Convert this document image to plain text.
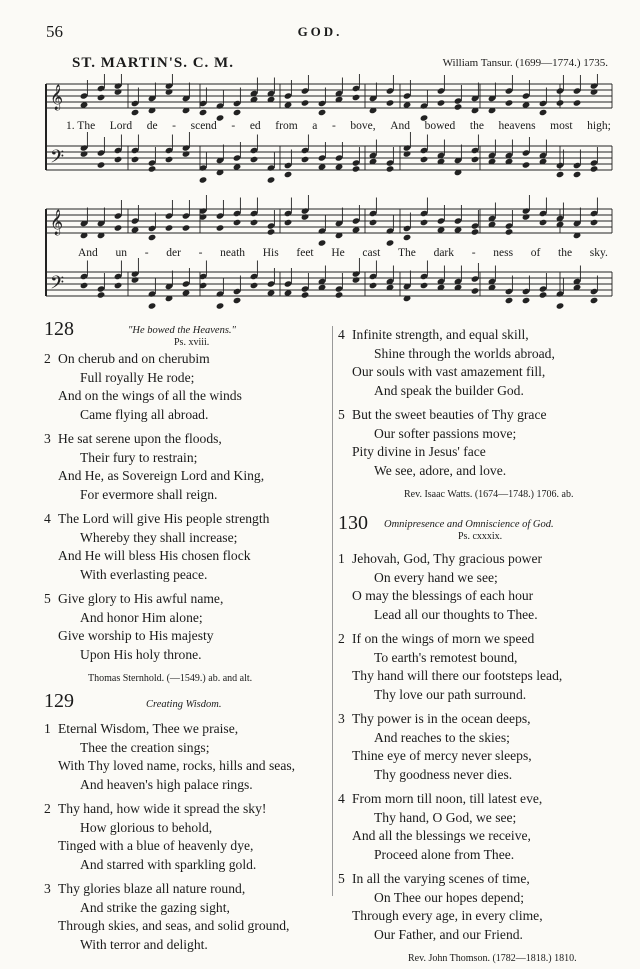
56	GOD.
ST. MARTIN'S. C. M.	William Tansur. (1699—1774.) 1735.
𝄞
𝄢
𝄞
𝄢
1. The Lord de - scend - ed from a - bove, And bowed the heavens most high;
And un - der - neath His feet He cast The dark - ness of the sky.
128	"He bowed the Heavens."
Ps. xviii.
2 On cherub and on cherubim
Full royally He rode;
And on the wings of all the winds
Came flying all abroad.
3 He sat serene upon the floods,
Their fury to restrain;
And He, as Sovereign Lord and King,
For evermore shall reign.
4 The Lord will give His people strength
Whereby they shall increase;
And He will bless His chosen flock
With everlasting peace.
5 Give glory to His awful name,
And honor Him alone;
Give worship to His majesty
Upon His holy throne.
Thomas Sternhold. (—1549.) ab. and alt.
129	Creating Wisdom.
1 Eternal Wisdom, Thee we praise,
Thee the creation sings;
With Thy loved name, rocks, hills and seas,
And heaven's high palace rings.
2 Thy hand, how wide it spread the sky!
How glorious to behold,
Tinged with a blue of heavenly dye,
And starred with sparkling gold.
3 Thy glories blaze all nature round,
And strike the gazing sight,
Through skies, and seas, and solid ground,
With terror and delight.
4 Infinite strength, and equal skill,
Shine through the worlds abroad,
Our souls with vast amazement fill,
And speak the builder God.
5 But the sweet beauties of Thy grace
Our softer passions move;
Pity divine in Jesus' face
We see, adore, and love.
Rev. Isaac Watts. (1674—1748.) 1706. ab.
130 Omnipresence and Omniscience of God.
Ps. cxxxix.
1 Jehovah, God, Thy gracious power
On every hand we see;
O may the blessings of each hour
Lead all our thoughts to Thee.
2 If on the wings of morn we speed
To earth's remotest bound,
Thy hand will there our footsteps lead,
Thy love our path surround.
3 Thy power is in the ocean deeps,
And reaches to the skies;
Thine eye of mercy never sleeps,
Thy goodness never dies.
4 From morn till noon, till latest eve,
Thy hand, O God, we see;
And all the blessings we receive,
Proceed alone from Thee.
5 In all the varying scenes of time,
On Thee our hopes depend;
Through every age, in every clime,
Our Father, and our Friend.
Rev. John Thomson. (1782—1818.) 1810.
